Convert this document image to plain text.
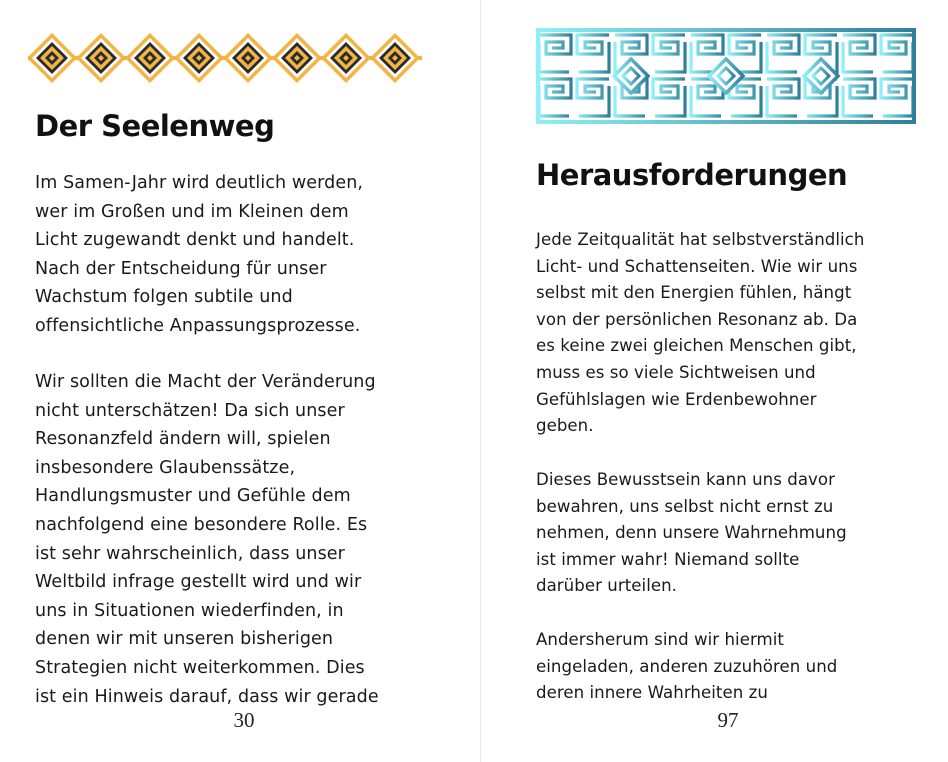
Der Seelenweg

Im Samen-Jahr wird deutlich werden,
wer im Großen und im Kleinen dem
Licht zugewandt denkt und handelt.
Nach der Entscheidung für unser
Wachstum folgen subtile und
offensichtliche Anpassungsprozesse.

Wir sollten die Macht der Veränderung
nicht unterschätzen! Da sich unser
Resonanzfeld ändern will, spielen
insbesondere Glaubenssätze,
Handlungsmuster und Gefühle dem
nachfolgend eine besondere Rolle. Es
ist sehr wahrscheinlich, dass unser
Weltbild infrage gestellt wird und wir
uns in Situationen wiederfinden, in
denen wir mit unseren bisherigen
Strategien nicht weiterkommen. Dies
ist ein Hinweis darauf, dass wir gerade

30
Herausforderungen

Jede Zeitqualität hat selbstverständlich
Licht- und Schattenseiten. Wie wir uns
selbst mit den Energien fühlen, hängt
von der persönlichen Resonanz ab. Da
es keine zwei gleichen Menschen gibt,
muss es so viele Sichtweisen und
Gefühlslagen wie Erdenbewohner
geben.

Dieses Bewusstsein kann uns davor
bewahren, uns selbst nicht ernst zu
nehmen, denn unsere Wahrnehmung
ist immer wahr! Niemand sollte
darüber urteilen.

Andersherum sind wir hiermit
eingeladen, anderen zuzuhören und
deren innere Wahrheiten zu

97
